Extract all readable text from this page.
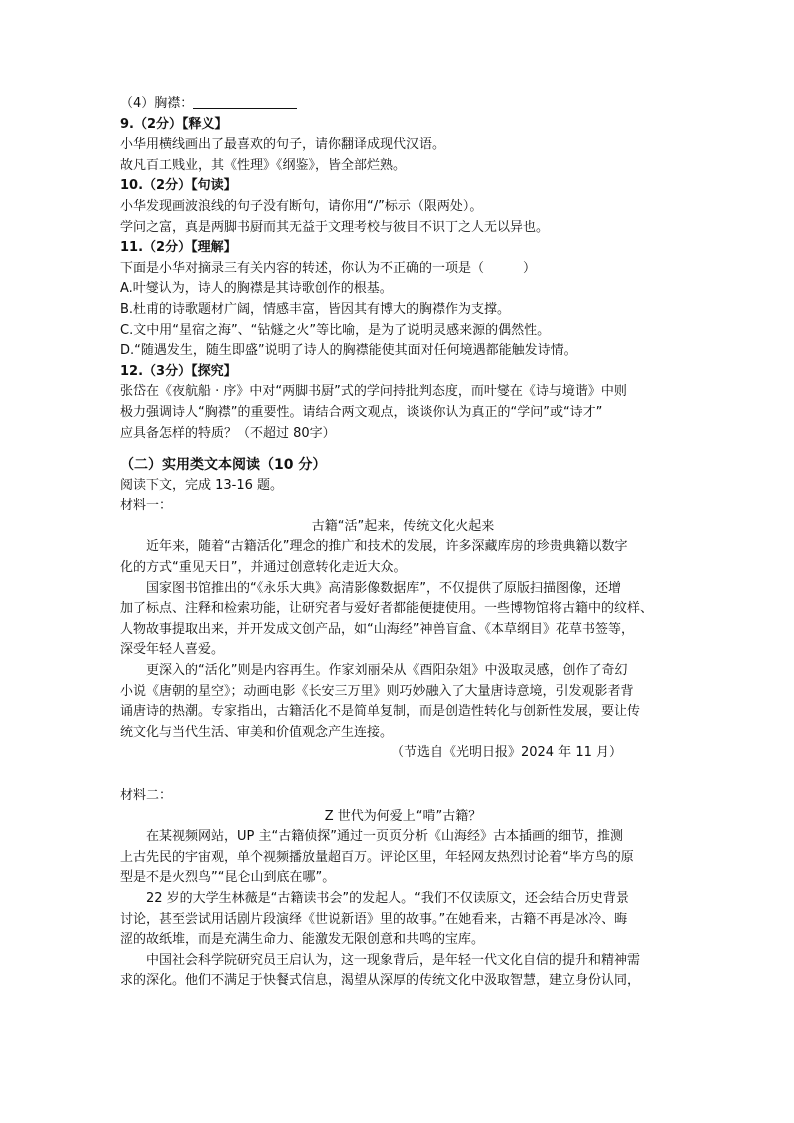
（4）胸襟：
9.（2分）【释义】
小华用横线画出了最喜欢的句子，请你翻译成现代汉语。
故凡百工贱业，其《性理》《纲鉴》，皆全部烂熟。
10.（2分）【句读】
小华发现画波浪线的句子没有断句，请你用“/”标示（限两处）。
学问之富，真是两脚书厨而其无益于文理考校与彼目不识丁之人无以异也。
11.（2分）【理解】
下面是小华对摘录三有关内容的转述，你认为不正确的一项是（　　　）
A.叶燮认为，诗人的胸襟是其诗歌创作的根基。
B.杜甫的诗歌题材广阔，情感丰富，皆因其有博大的胸襟作为支撑。
C.文中用“星宿之海”、“钻燧之火”等比喻，是为了说明灵感来源的偶然性。
D.“随遇发生，随生即盛”说明了诗人的胸襟能使其面对任何境遇都能触发诗情。
12.（3分）【探究】
张岱在《夜航船 · 序》中对“两脚书厨”式的学问持批判态度，而叶燮在《诗与境谐》中则
极力强调诗人“胸襟”的重要性。请结合两文观点，谈谈你认为真正的“学问”或“诗才”
应具备怎样的特质？（不超过 80字）
（二）实用类文本阅读（10 分）
阅读下文，完成 13-16 题。
材料一：
古籍“活”起来，传统文化火起来
近年来，随着“古籍活化”理念的推广和技术的发展，许多深藏库房的珍贵典籍以数字
化的方式“重见天日”，并通过创意转化走近大众。
国家图书馆推出的“《永乐大典》高清影像数据库”，不仅提供了原版扫描图像，还增
加了标点、注释和检索功能，让研究者与爱好者都能便捷使用。一些博物馆将古籍中的纹样、
人物故事提取出来，并开发成文创产品，如“山海经”神兽盲盒、《本草纲目》花草书签等，
深受年轻人喜爱。
更深入的“活化”则是内容再生。作家刘丽朵从《酉阳杂俎》中汲取灵感，创作了奇幻
小说《唐朝的星空》；动画电影《长安三万里》则巧妙融入了大量唐诗意境，引发观影者背
诵唐诗的热潮。专家指出，古籍活化不是简单复制，而是创造性转化与创新性发展，要让传
统文化与当代生活、审美和价值观念产生连接。
（节选自《光明日报》2024 年 11 月）
材料二：
Z 世代为何爱上“啃”古籍？
在某视频网站，UP 主“古籍侦探”通过一页页分析《山海经》古本插画的细节，推测
上古先民的宇宙观，单个视频播放量超百万。评论区里，年轻网友热烈讨论着“毕方鸟的原
型是不是火烈鸟”“昆仑山到底在哪”。
22 岁的大学生林薇是“古籍读书会”的发起人。“我们不仅读原文，还会结合历史背景
讨论，甚至尝试用话剧片段演绎《世说新语》里的故事。”在她看来，古籍不再是冰冷、晦
涩的故纸堆，而是充满生命力、能激发无限创意和共鸣的宝库。
中国社会科学院研究员王启认为，这一现象背后，是年轻一代文化自信的提升和精神需
求的深化。他们不满足于快餐式信息，渴望从深厚的传统文化中汲取智慧，建立身份认同，
